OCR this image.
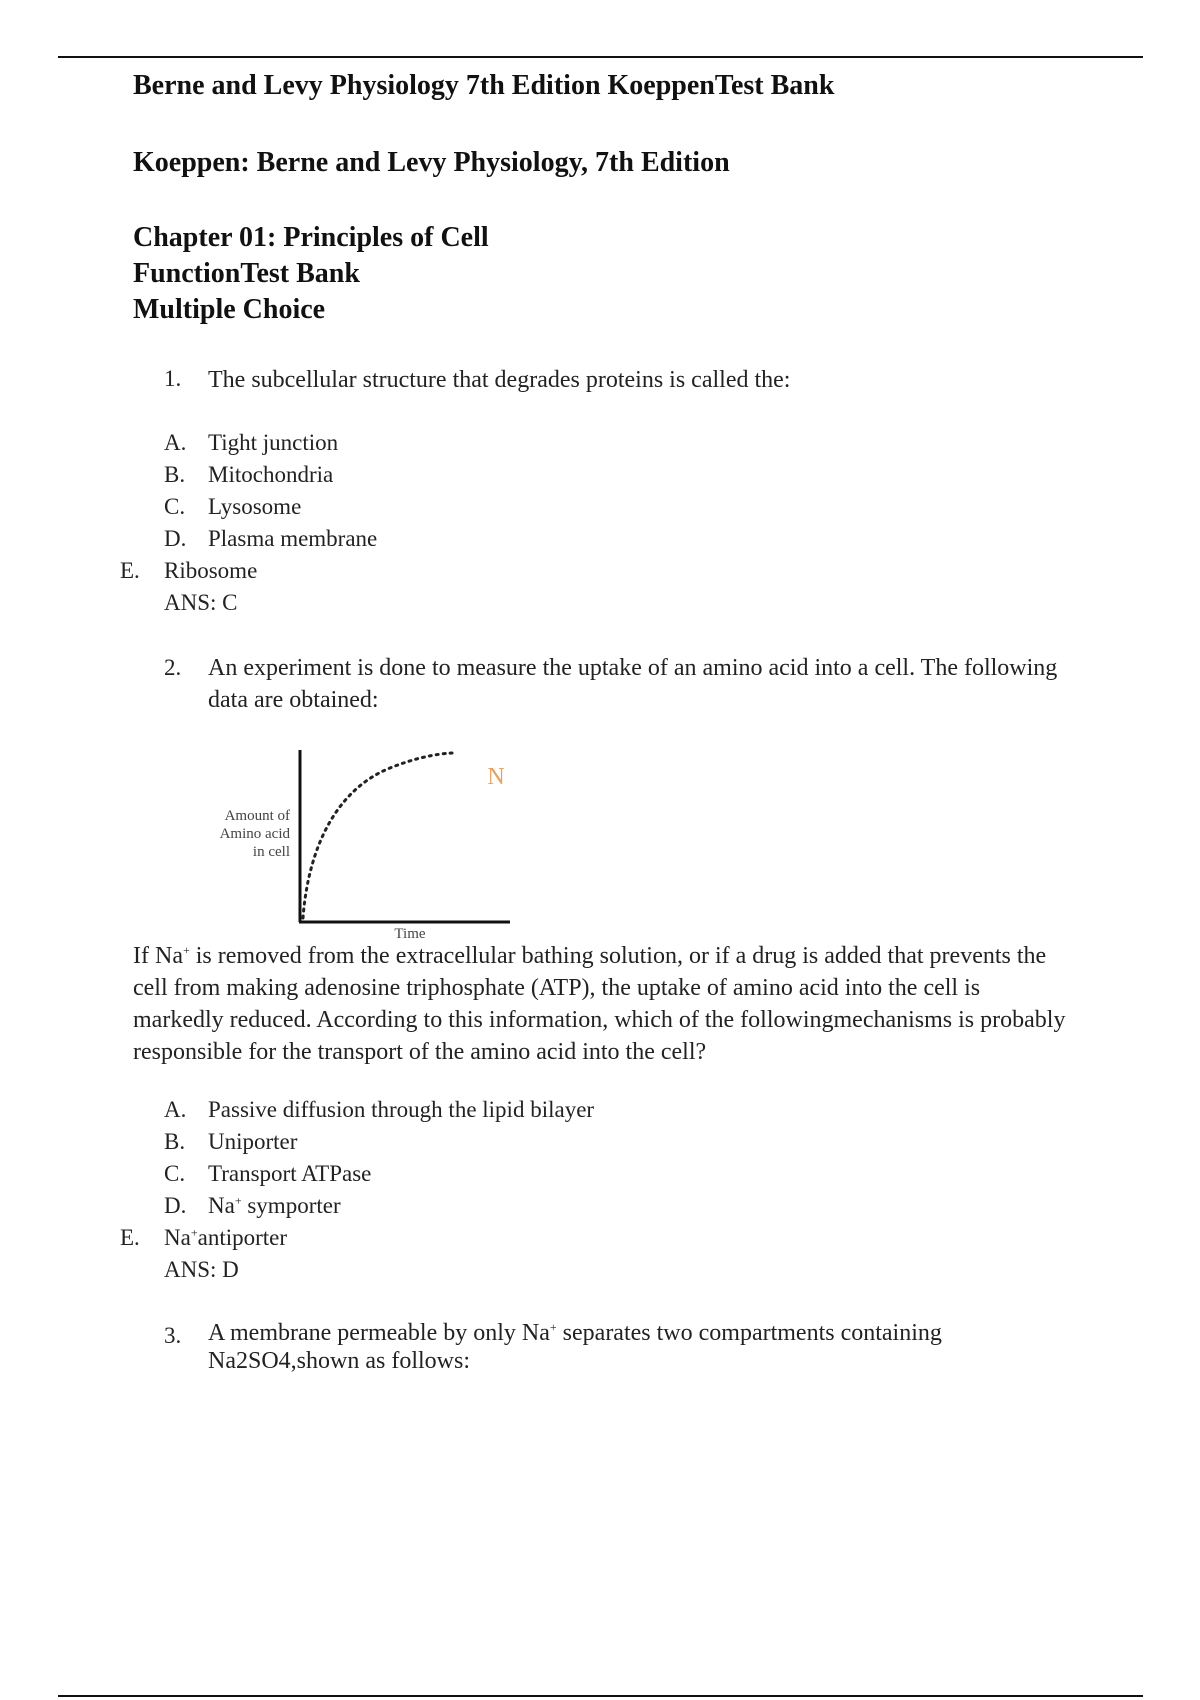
Berne and Levy Physiology 7th Edition KoeppenTest Bank
Koeppen: Berne and Levy Physiology, 7th Edition
Chapter 01: Principles of Cell
FunctionTest Bank
Multiple Choice
1. The subcellular structure that degrades proteins is called the:
A. Tight junction
B. Mitochondria
C. Lysosome
D. Plasma membrane
E. Ribosome
ANS: C
2. An experiment is done to measure the uptake of an amino acid into a cell. The following data are obtained:
Amount of
Amino acid
in cell
Time
N
If Na+ is removed from the extracellular bathing solution, or if a drug is added that prevents the cell from making adenosine triphosphate (ATP), the uptake of amino acid into the cell is markedly reduced. According to this information, which of the followingmechanisms is probably responsible for the transport of the amino acid into the cell?
A. Passive diffusion through the lipid bilayer
B. Uniporter
C. Transport ATPase
D. Na+ symporter
E. Na+antiporter
ANS: D
3. A membrane permeable by only Na+ separates two compartments containing
Na2SO4,shown as follows:
